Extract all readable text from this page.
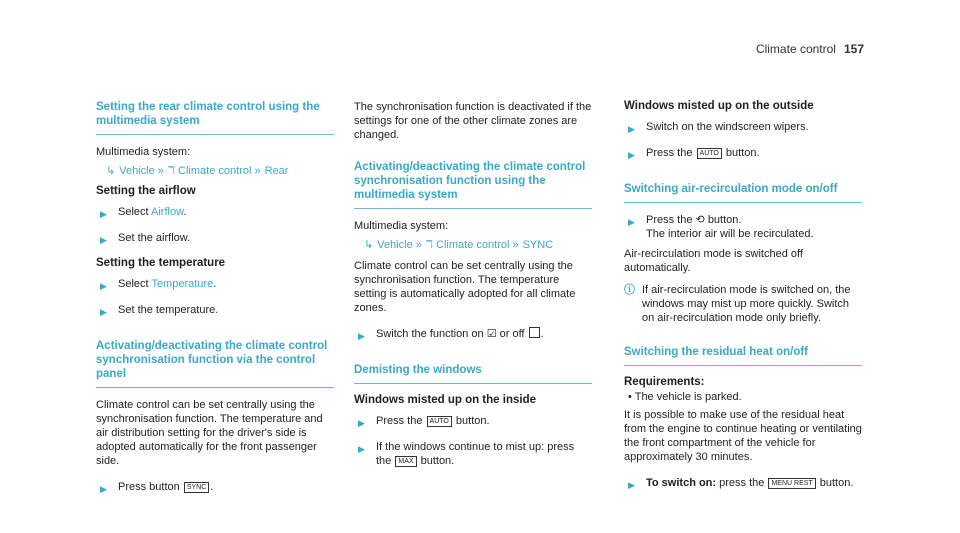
Climate control 157
Setting the rear climate control using the multimedia system

Multimedia system:

↳ Vehicle » ℸ Climate control » Rear
Setting the airflow
▶	Select Airflow.
▶	Set the airflow.
Setting the temperature
▶	Select Temperature.
▶	Set the temperature.
Activating/deactivating the climate control synchronisation function via the control panel

Climate control can be set centrally using the synchronisation function. The temperature and air distribution setting for the driver's side is adopted automatically for the front passenger side.

▶	Press button SYNC .

The synchronisation function is deactivated if the settings for one of the other climate zones are changed.

Activating/deactivating the climate control synchronisation function using the multimedia system

Multimedia system:

↳ Vehicle » ℸ Climate control » SYNC

Climate control can be set centrally using the synchronisation function. The temperature setting is automatically adopted for all climate zones.

▶	Switch the function on ☑ or off .
Demisting the windows
Windows misted up on the inside
▶	Press the AUTO button.
▶	If the windows continue to mist up: press the MAX button.
Windows misted up on the outside
▶	Switch on the windscreen wipers.
▶	Press the AUTO button.
Switching air-recirculation mode on/off
▶	Press the ⟲ button.
The interior air will be recirculated.

Air-recirculation mode is switched off automatically.

ⓘ If air-recirculation mode is switched on, the windows may mist up more quickly. Switch on air-recirculation mode only briefly.
Switching the residual heat on/off
Requirements:
• The vehicle is parked.

It is possible to make use of the residual heat from the engine to continue heating or ventilating the front compartment of the vehicle for approximately 30 minutes.

▶	To switch on: press the MENU REST button.
